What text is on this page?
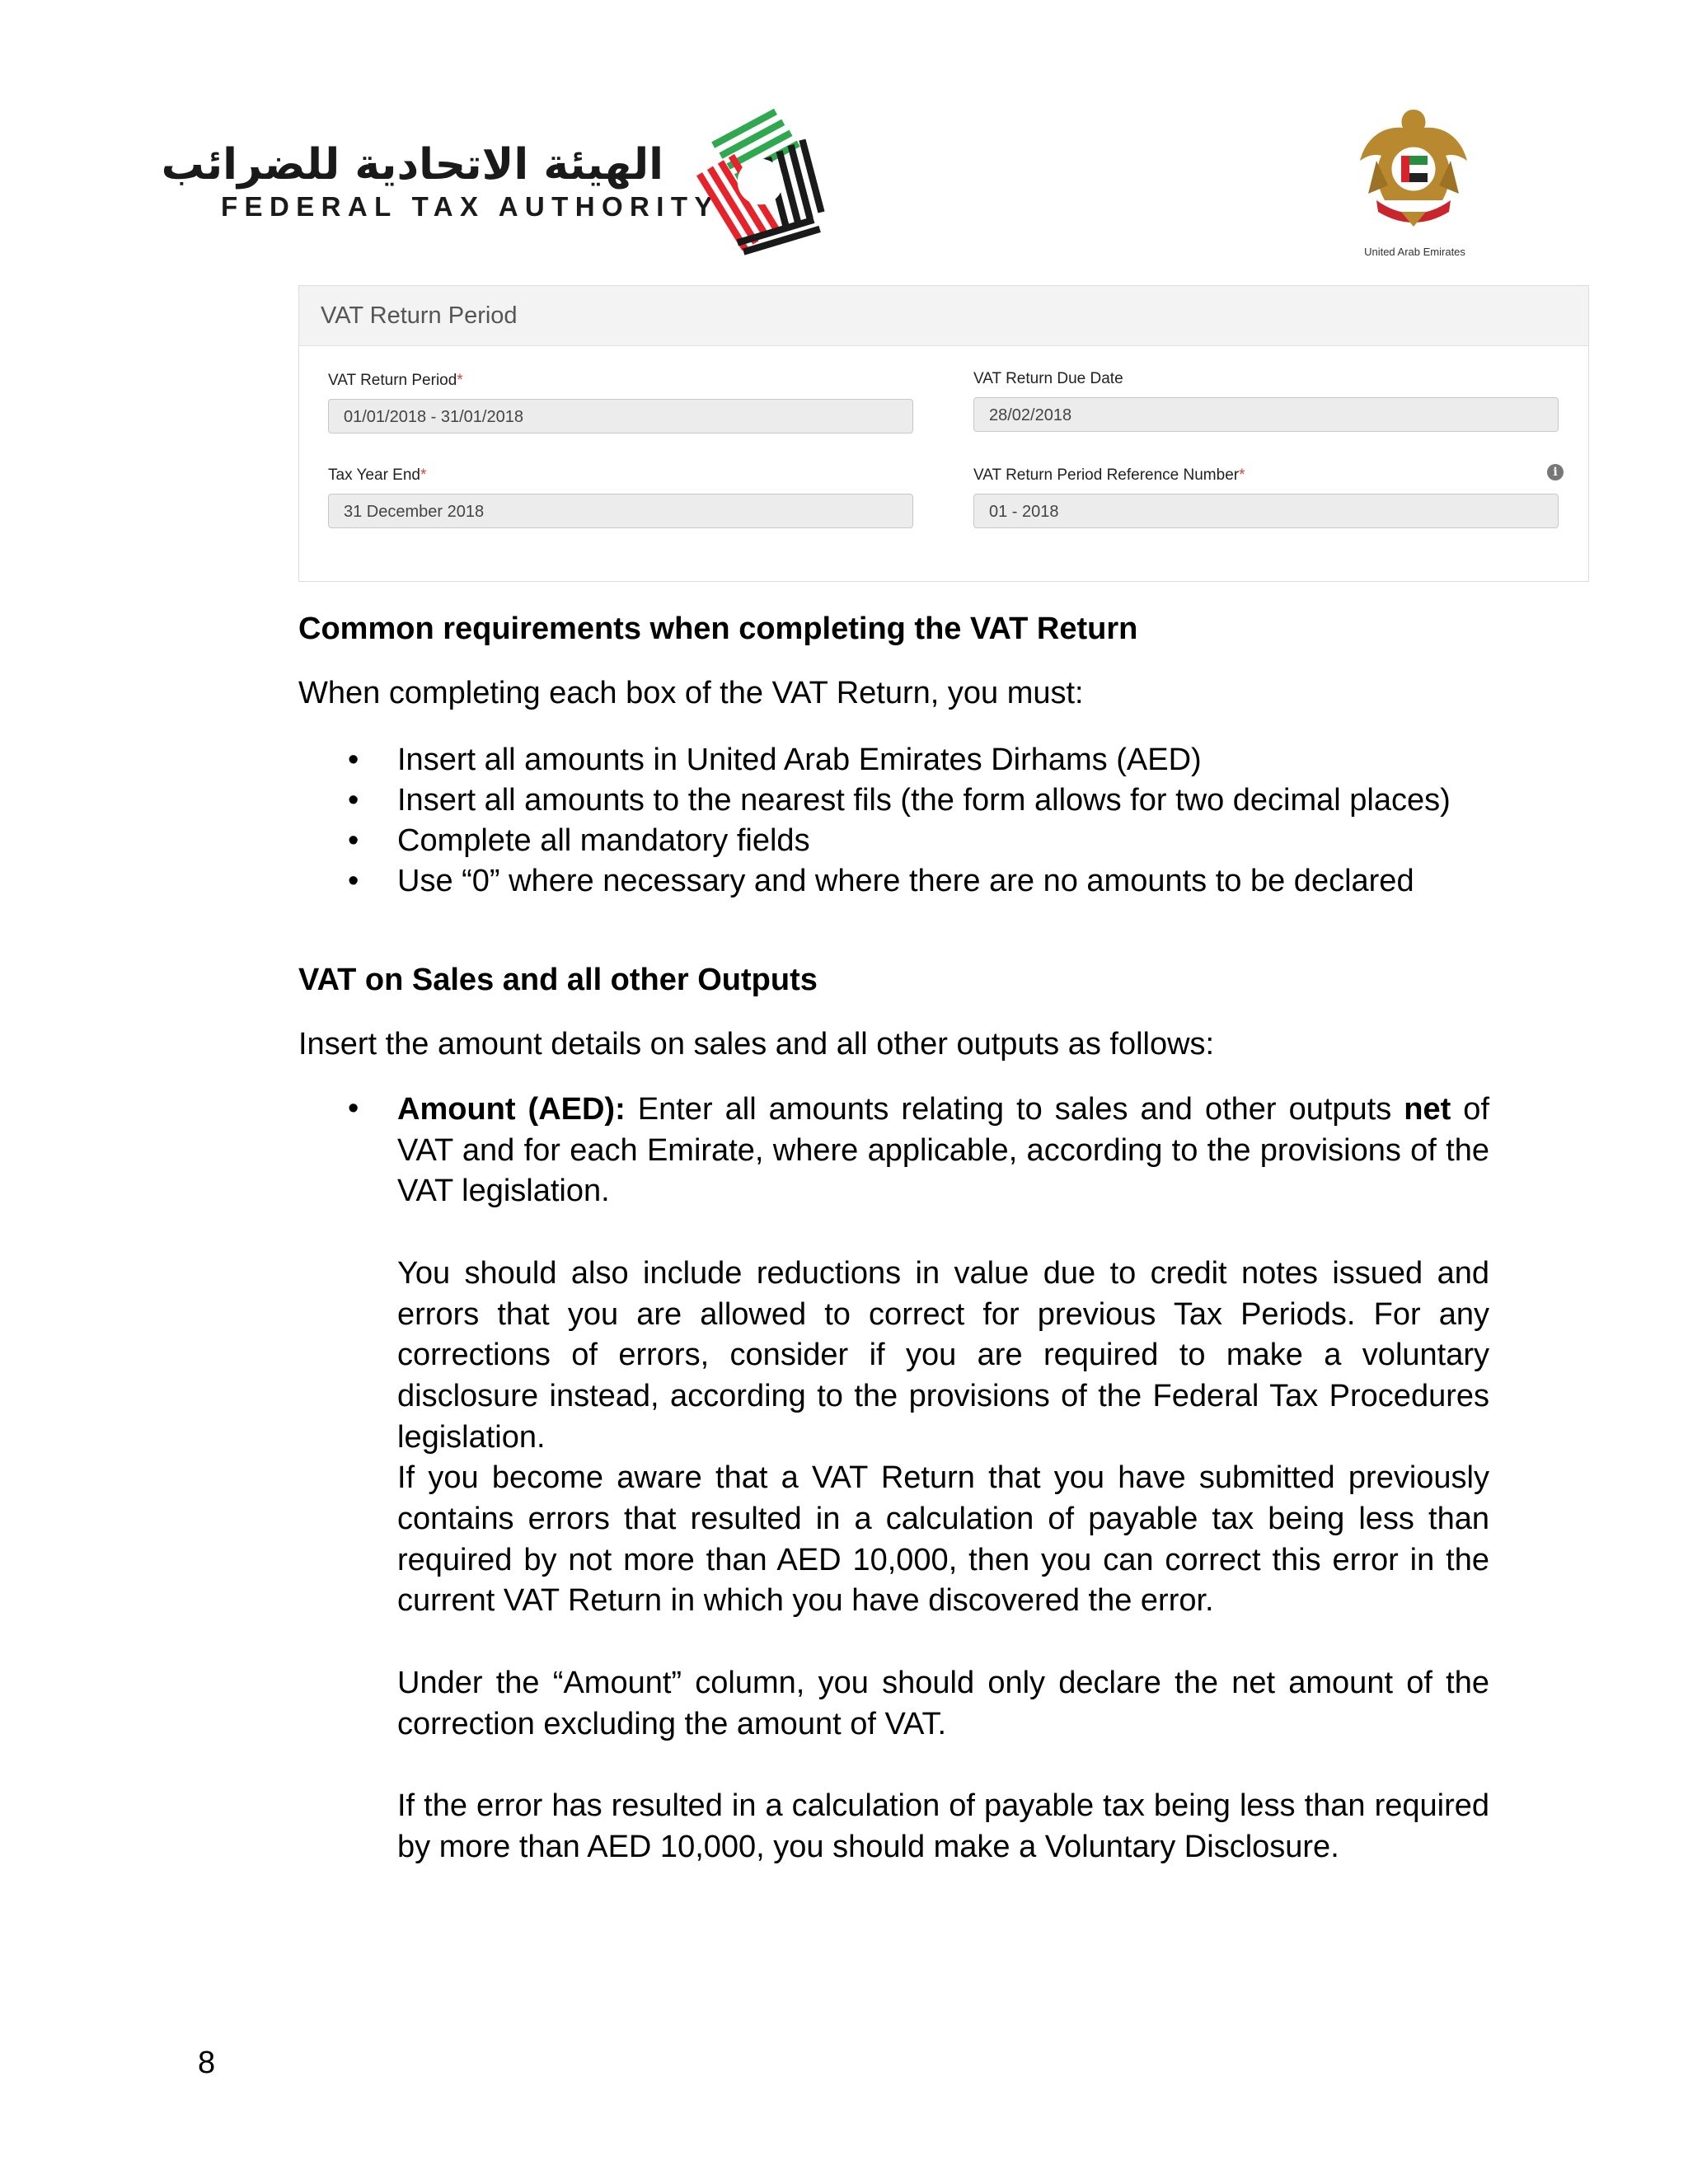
الهيئة الاتحادية للضرائب
FEDERAL TAX AUTHORITY
United Arab Emirates
VAT Return Period
VAT Return Period*
01/01/2018 - 31/01/2018
VAT Return Due Date
28/02/2018
Tax Year End*
31 December 2018
VAT Return Period Reference Number*
01 - 2018
i
Common requirements when completing the VAT Return
When completing each box of the VAT Return, you must:
• Insert all amounts in United Arab Emirates Dirhams (AED)
• Insert all amounts to the nearest fils (the form allows for two decimal places)
• Complete all mandatory fields
• Use “0” where necessary and where there are no amounts to be declared
VAT on Sales and all other Outputs
Insert the amount details on sales and all other outputs as follows:
• Amount (AED): Enter all amounts relating to sales and other outputs net of VAT and for each Emirate, where applicable, according to the provisions of the VAT legislation.

You should also include reductions in value due to credit notes issued and errors that you are allowed to correct for previous Tax Periods. For any corrections of errors, consider if you are required to make a voluntary disclosure instead, according to the provisions of the Federal Tax Procedures legislation.

If you become aware that a VAT Return that you have submitted previously contains errors that resulted in a calculation of payable tax being less than required by not more than AED 10,000, then you can correct this error in the current VAT Return in which you have discovered the error.

Under the “Amount” column, you should only declare the net amount of the correction excluding the amount of VAT.

If the error has resulted in a calculation of payable tax being less than required by more than AED 10,000, you should make a Voluntary Disclosure.

8
